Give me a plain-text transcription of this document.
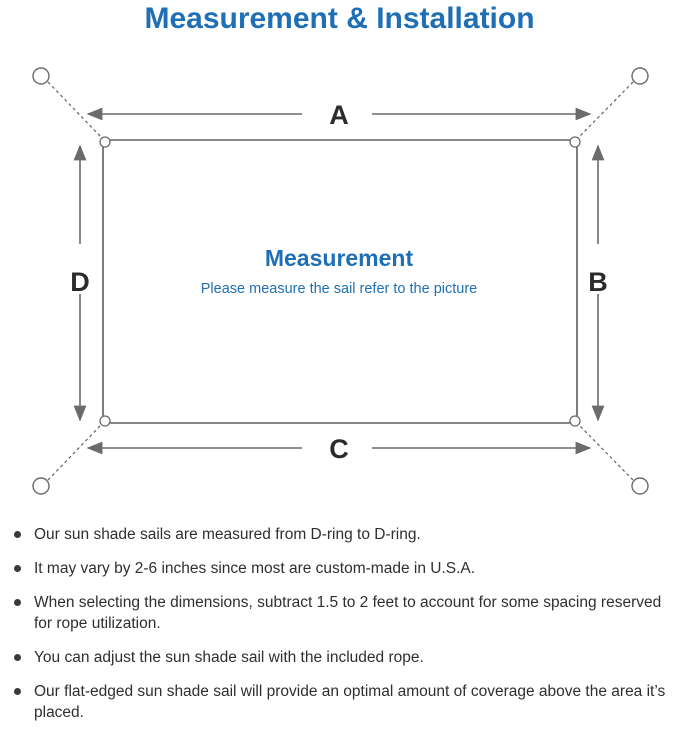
Measurement & Installation
A
C
D	B
Measurement
Please measure the sail refer to the picture
Our sun shade sails are measured from D-ring to D-ring.
It may vary by 2-6 inches since most are custom-made in U.S.A.
When selecting the dimensions, subtract 1.5 to 2 feet to account for some spacing reserved for rope utilization.
You can adjust the sun shade sail with the included rope.
Our flat-edged sun shade sail will provide an optimal amount of coverage above the area it’s placed.
